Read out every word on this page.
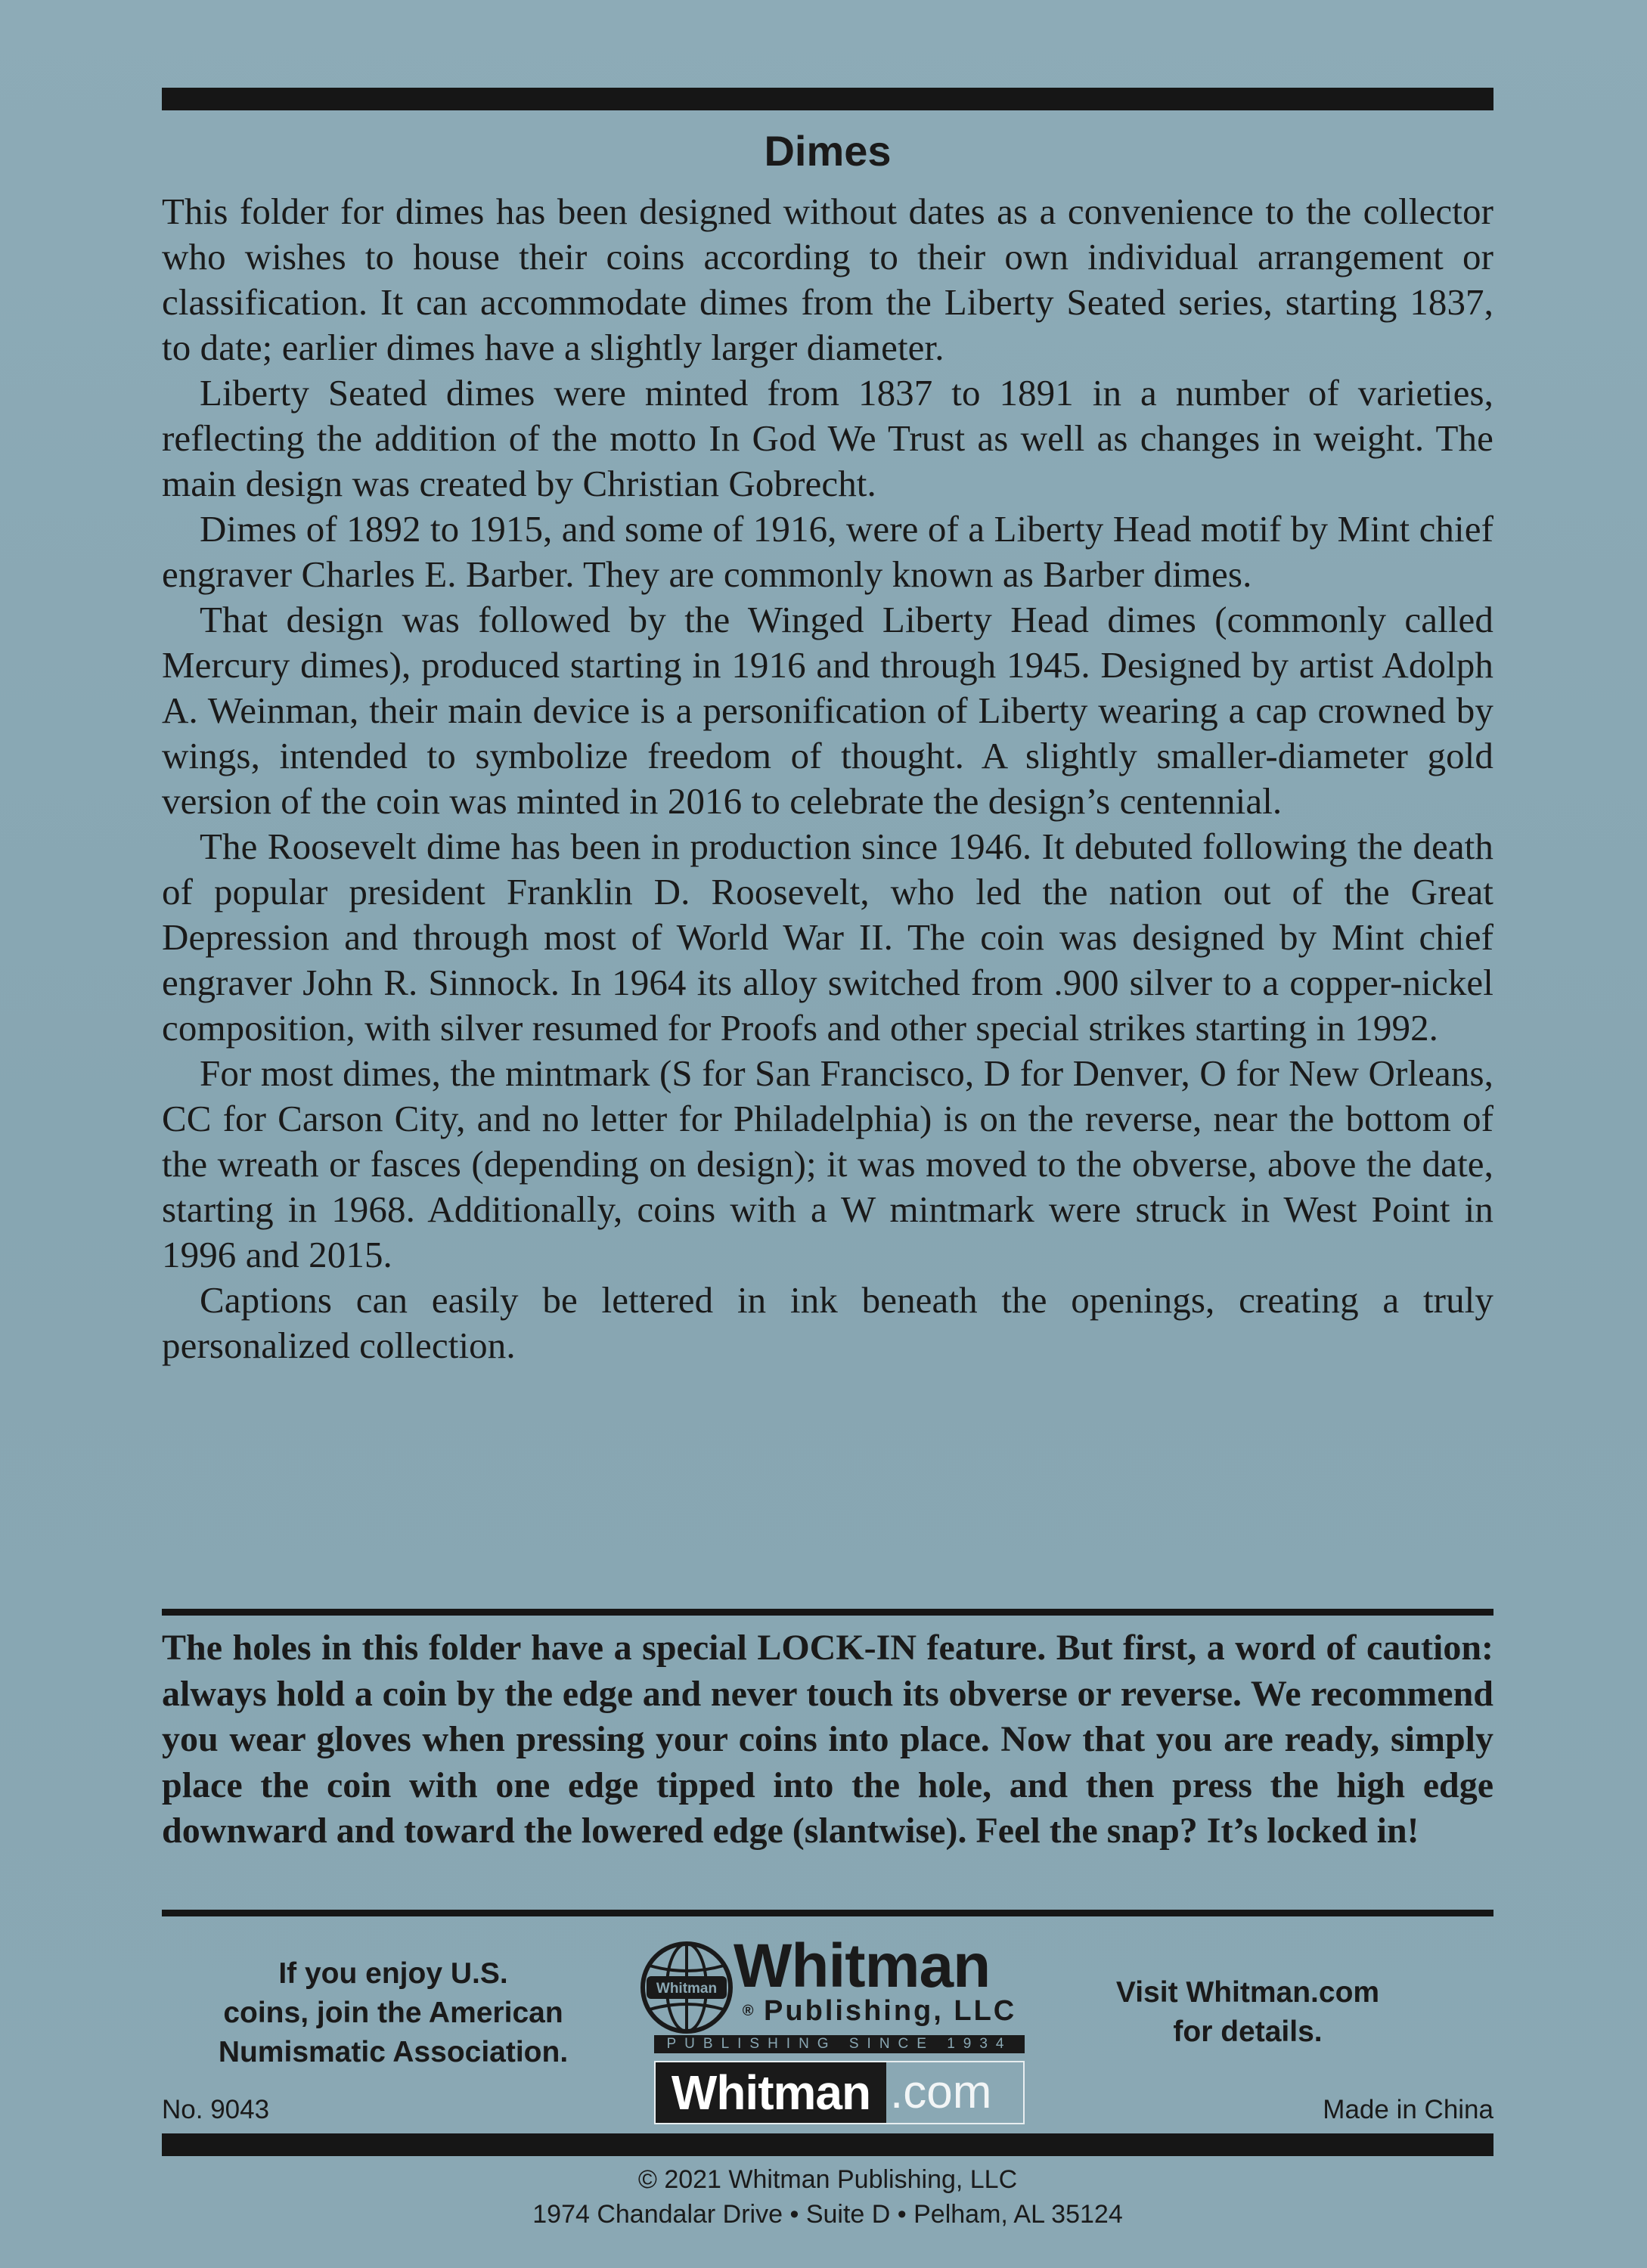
Dimes

This folder for dimes has been designed without dates as a convenience to the collector who wishes to house their coins according to their own individual arrangement or classification. It can accommodate dimes from the Liberty Seated series, starting 1837, to date; earlier dimes have a slightly larger diameter.

Liberty Seated dimes were minted from 1837 to 1891 in a number of varieties, reflecting the addition of the motto In God We Trust as well as changes in weight. The main design was created by Christian Gobrecht.

Dimes of 1892 to 1915, and some of 1916, were of a Liberty Head motif by Mint chief engraver Charles E. Barber. They are commonly known as Barber dimes.

That design was followed by the Winged Liberty Head dimes (commonly called Mercury dimes), produced starting in 1916 and through 1945. Designed by artist Adolph A. Weinman, their main device is a personification of Liberty wearing a cap crowned by wings, intended to symbolize freedom of thought. A slightly smaller-diameter gold version of the coin was minted in 2016 to celebrate the design’s centennial.

The Roosevelt dime has been in production since 1946. It debuted following the death of popular president Franklin D. Roosevelt, who led the nation out of the Great Depression and through most of World War II. The coin was designed by Mint chief engraver John R. Sinnock. In 1964 its alloy switched from .900 silver to a copper-nickel composition, with silver resumed for Proofs and other special strikes starting in 1992.

For most dimes, the mintmark (S for San Francisco, D for Denver, O for New Orleans, CC for Carson City, and no letter for Philadelphia) is on the reverse, near the bottom of the wreath or fasces (depending on design); it was moved to the obverse, above the date, starting in 1968. Additionally, coins with a W mintmark were struck in West Point in 1996 and 2015.

Captions can easily be lettered in ink beneath the openings, creating a truly personalized collection.

The holes in this folder have a special LOCK-IN feature. But first, a word of caution: always hold a coin by the edge and never touch its obverse or reverse. We recommend you wear gloves when pressing your coins into place. Now that you are ready, simply place the coin with one edge tipped into the hole, and then press the high edge downward and toward the lowered edge (slantwise). Feel the snap? It’s locked in!

If you enjoy U.S.
coins, join the American
Numismatic Association.
Whitman Whitman
® Publishing, LLC
PUBLISHING SINCE 1934
Whitman .com
Visit Whitman.com
for details.
No. 9043	Made in China
© 2021 Whitman Publishing, LLC
1974 Chandalar Drive • Suite D • Pelham, AL 35124
